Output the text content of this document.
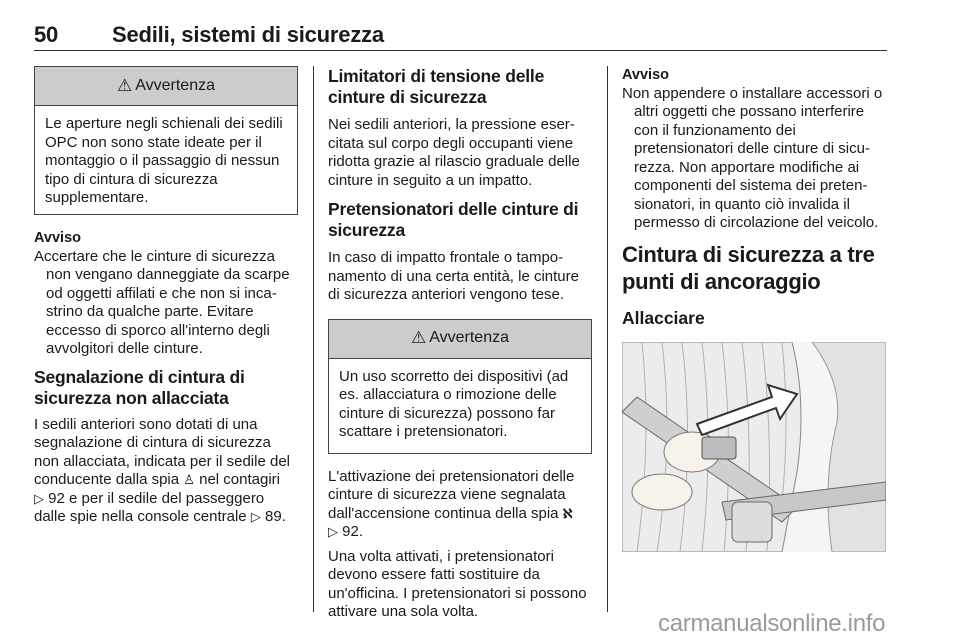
50 Sedili, sistemi di sicurezza
⚠ Avvertenza
Le aperture negli schienali dei sedili OPC non sono state ideate per il montaggio o il passaggio di nessun tipo di cintura di sicurezza supplementare.
Avviso
Accertare che le cinture di sicurezza
non vengano danneggiate da scarpe od oggetti affilati e che non si incastrino da qualche parte. Evitare eccesso di sporco all'interno degli avvolgitori delle cinture.
Segnalazione di cintura di sicurezza non allacciata
I sedili anteriori sono dotati di una segnalazione di cintura di sicurezza non allacciata, indicata per il sedile del conducente dalla spia ♙ nel contagiri ▷ 92 e per il sedile del passeggero dalle spie nella console centrale ▷ 89.
Limitatori di tensione delle cinture di sicurezza
Nei sedili anteriori, la pressione esercitata sul corpo degli occupanti viene ridotta grazie al rilascio graduale delle cinture in seguito a un impatto.
Pretensionatori delle cinture di sicurezza
In caso di impatto frontale o tamponamento di una certa entità, le cinture di sicurezza anteriori vengono tese.
⚠ Avvertenza
Un uso scorretto dei dispositivi (ad es. allacciatura o rimozione delle cinture di sicurezza) possono far scattare i pretensionatori.
L'attivazione dei pretensionatori delle cinture di sicurezza viene segnalata dall'accensione continua della spia ℵ
▷ 92.
Una volta attivati, i pretensionatori devono essere fatti sostituire da un'officina. I pretensionatori si possono attivare una sola volta.
Avviso
Non appendere o installare accessori o altri oggetti che possano interferire con il funzionamento dei pretensionatori delle cinture di sicurezza. Non apportare modifiche ai componenti del sistema dei pretensionatori, in quanto ciò invalida il permesso di circolazione del veicolo.
Cintura di sicurezza a tre punti di ancoraggio
Allacciare
carmanualsonline.info
